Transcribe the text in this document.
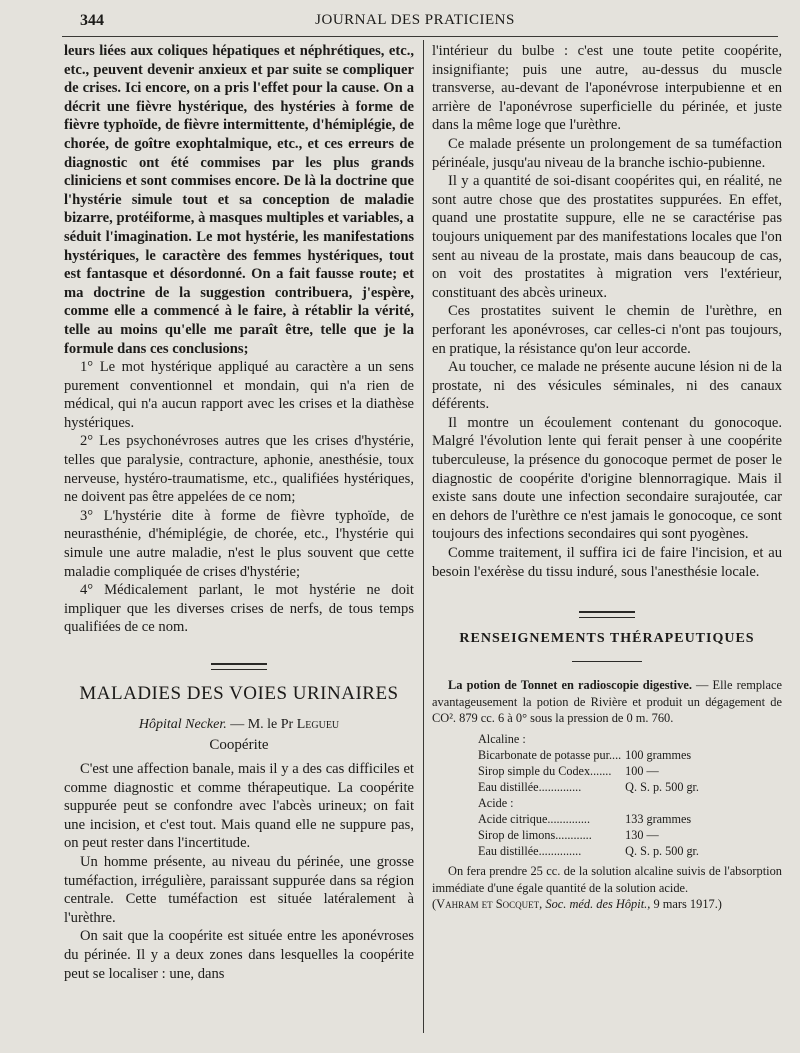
344	JOURNAL DES PRATICIENS

leurs liées aux coliques hépatiques et néphrétiques, etc., etc., peuvent devenir anxieux et par suite se compliquer de crises. Ici encore, on a pris l'effet pour la cause. On a décrit une fièvre hystérique, des hystéries à forme de fièvre typhoïde, de fièvre intermittente, d'hémiplégie, de chorée, de goître exophtalmique, etc., et ces erreurs de diagnostic ont été commises par les plus grands cliniciens et sont commises encore. De là la doctrine que l'hystérie simule tout et sa conception de maladie bizarre, protéiforme, à masques multiples et variables, a séduit l'imagination. Le mot hystérie, les manifestations hystériques, le caractère des femmes hystériques, tout est fantasque et désordonné. On a fait fausse route; et ma doctrine de la suggestion contribuera, j'espère, comme elle a commencé à le faire, à rétablir la vérité, telle au moins qu'elle me paraît être, telle que je la formule dans ces conclusions;

1° Le mot hystérique appliqué au caractère a un sens purement conventionnel et mondain, qui n'a rien de médical, qui n'a aucun rapport avec les crises et la diathèse hystériques.

2° Les psychonévroses autres que les crises d'hystérie, telles que paralysie, contracture, aphonie, anesthésie, toux nerveuse, hystéro-traumatisme, etc., qualifiées hystériques, ne doivent pas être appelées de ce nom;

3° L'hystérie dite à forme de fièvre typhoïde, de neurasthénie, d'hémiplégie, de chorée, etc., l'hystérie qui simule une autre maladie, n'est le plus souvent que cette maladie compliquée de crises d'hystérie;

4° Médicalement parlant, le mot hystérie ne doit impliquer que les diverses crises de nerfs, de tous temps qualifiées de ce nom.

MALADIES DES VOIES URINAIRES
Hôpital Necker. — M. le Pr Legueu
Coopérite

C'est une affection banale, mais il y a des cas difficiles et comme diagnostic et comme thérapeutique. La coopérite suppurée peut se confondre avec l'abcès urineux; on fait une incision, et c'est tout. Mais quand elle ne suppure pas, on peut rester dans l'incertitude.

Un homme présente, au niveau du périnée, une grosse tuméfaction, irrégulière, paraissant suppurée dans sa région centrale. Cette tuméfaction est située latéralement à l'urèthre.

On sait que la coopérite est située entre les aponévroses du périnée. Il y a deux zones dans lesquelles la coopérite peut se localiser : une, dans

l'intérieur du bulbe : c'est une toute petite coopérite, insignifiante; puis une autre, au-dessus du muscle transverse, au-devant de l'aponévrose interpubienne et en arrière de l'aponévrose superficielle du périnée, et juste dans la même loge que l'urèthre.

Ce malade présente un prolongement de sa tuméfaction périnéale, jusqu'au niveau de la branche ischio-pubienne.

Il y a quantité de soi-disant coopérites qui, en réalité, ne sont autre chose que des prostatites suppurées. En effet, quand une prostatite suppure, elle ne se caractérise pas toujours uniquement par des manifestations locales que l'on sent au niveau de la prostate, mais dans beaucoup de cas, on voit des prostatites à migration vers l'extérieur, constituant des abcès urineux.

Ces prostatites suivent le chemin de l'urèthre, en perforant les aponévroses, car celles-ci n'ont pas toujours, en pratique, la résistance qu'on leur accorde.

Au toucher, ce malade ne présente aucune lésion ni de la prostate, ni des vésicules séminales, ni des canaux déférents.

Il montre un écoulement contenant du gonocoque. Malgré l'évolution lente qui ferait penser à une coopérite tuberculeuse, la présence du gonocoque permet de poser le diagnostic de coopérite d'origine blennorragique. Mais il existe sans doute une infection secondaire surajoutée, car en dehors de l'urèthre ce n'est jamais le gonocoque, ce sont toujours des infections secondaires qui sont pyogènes.

Comme traitement, il suffira ici de faire l'incision, et au besoin l'exérèse du tissu induré, sous l'anesthésie locale.

RENSEIGNEMENTS THÉRAPEUTIQUES

La potion de Tonnet en radioscopie digestive. — Elle remplace avantageusement la potion de Rivière et produit un dégagement de CO². 879 cc. 6 à 0° sous la pression de 0 m. 760.

Alcaline :	
Bicarbonate de potasse pur....	100 grammes
Sirop simple du Codex.......	100 —
Eau distillée..............	Q. S. p. 500 gr.
Acide :	
Acide citrique..............	133 grammes
Sirop de limons............	130 —
Eau distillée..............	Q. S. p. 500 gr.

On fera prendre 25 cc. de la solution alcaline suivis de l'absorption immédiate d'une égale quantité de la solution acide.

(Vahram et Socquet, Soc. méd. des Hôpit., 9 mars 1917.)
